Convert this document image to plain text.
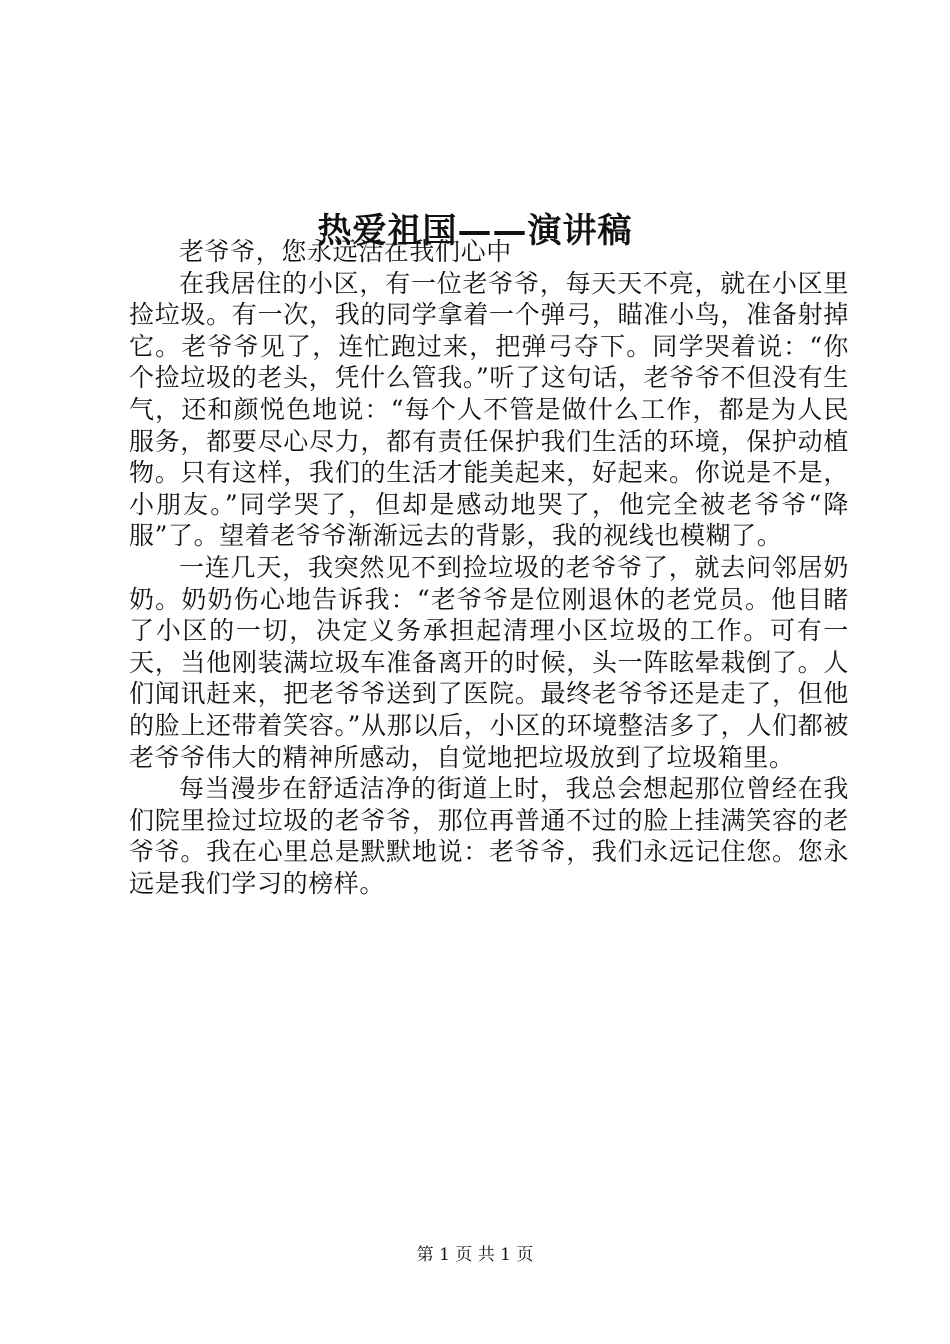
热爱祖国——演讲稿

老爷爷，您永远活在我们心中

在我居住的小区，有一位老爷爷，每天天不亮，就在小区里捡垃圾。有一次，我的同学拿着一个弹弓，瞄准小鸟，准备射掉它。老爷爷见了，连忙跑过来，把弹弓夺下。同学哭着说：“你个捡垃圾的老头，凭什么管我。”听了这句话，老爷爷不但没有生气，还和颜悦色地说：“每个人不管是做什么工作，都是为人民服务，都要尽心尽力，都有责任保护我们生活的环境，保护动植物。只有这样，我们的生活才能美起来，好起来。你说是不是，小朋友。”同学哭了，但却是感动地哭了，他完全被老爷爷“降服”了。望着老爷爷渐渐远去的背影，我的视线也模糊了。

一连几天，我突然见不到捡垃圾的老爷爷了，就去问邻居奶奶。奶奶伤心地告诉我：“老爷爷是位刚退休的老党员。他目睹了小区的一切，决定义务承担起清理小区垃圾的工作。可有一天，当他刚装满垃圾车准备离开的时候，头一阵眩晕栽倒了。人们闻讯赶来，把老爷爷送到了医院。最终老爷爷还是走了，但他的脸上还带着笑容。”从那以后，小区的环境整洁多了，人们都被老爷爷伟大的精神所感动，自觉地把垃圾放到了垃圾箱里。

每当漫步在舒适洁净的街道上时，我总会想起那位曾经在我们院里捡过垃圾的老爷爷，那位再普通不过的脸上挂满笑容的老爷爷。我在心里总是默默地说：老爷爷，我们永远记住您。您永远是我们学习的榜样。

第 1 页 共 1 页
